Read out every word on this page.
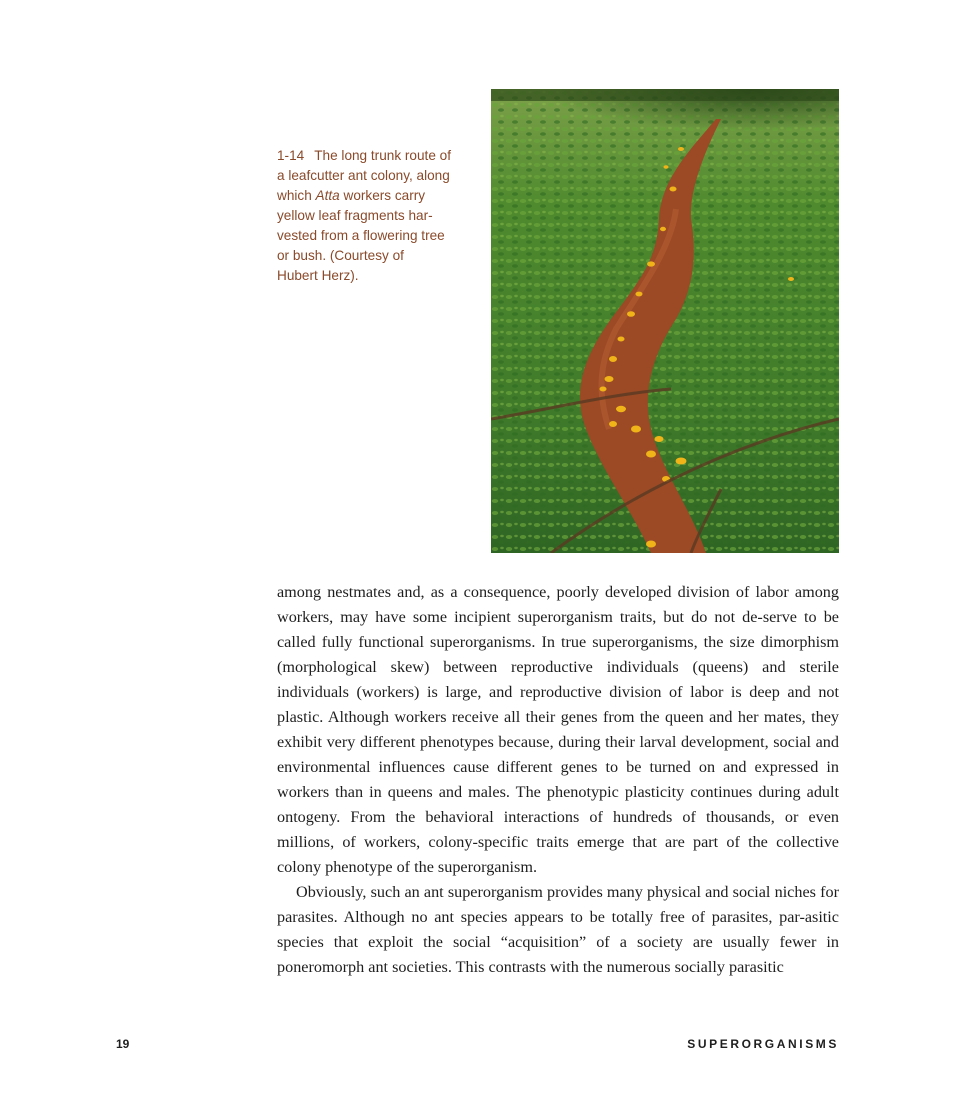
1-14 The long trunk route of
a leafcutter ant colony, along
which Atta workers carry
yellow leaf fragments har-
vested from a flowering tree
or bush. (Courtesy of
Hubert Herz).

among nestmates and, as a consequence, poorly developed division of labor among workers, may have some incipient superorganism traits, but do not de-serve to be called fully functional superorganisms. In true superorganisms, the size dimorphism (morphological skew) between reproductive individuals (queens) and sterile individuals (workers) is large, and reproductive division of labor is deep and not plastic. Although workers receive all their genes from the queen and her mates, they exhibit very different phenotypes because, during their larval development, social and environmental influences cause different genes to be turned on and expressed in workers than in queens and males. The phenotypic plasticity continues during adult ontogeny. From the behavioral interactions of hundreds of thousands, or even millions, of workers, colony-specific traits emerge that are part of the collective colony phenotype of the superorganism.

Obviously, such an ant superorganism provides many physical and social niches for parasites. Although no ant species appears to be totally free of parasites, par-asitic species that exploit the social “acquisition” of a society are usually fewer in poneromorph ant societies. This contrasts with the numerous socially parasitic

19	SUPERORGANISMS
